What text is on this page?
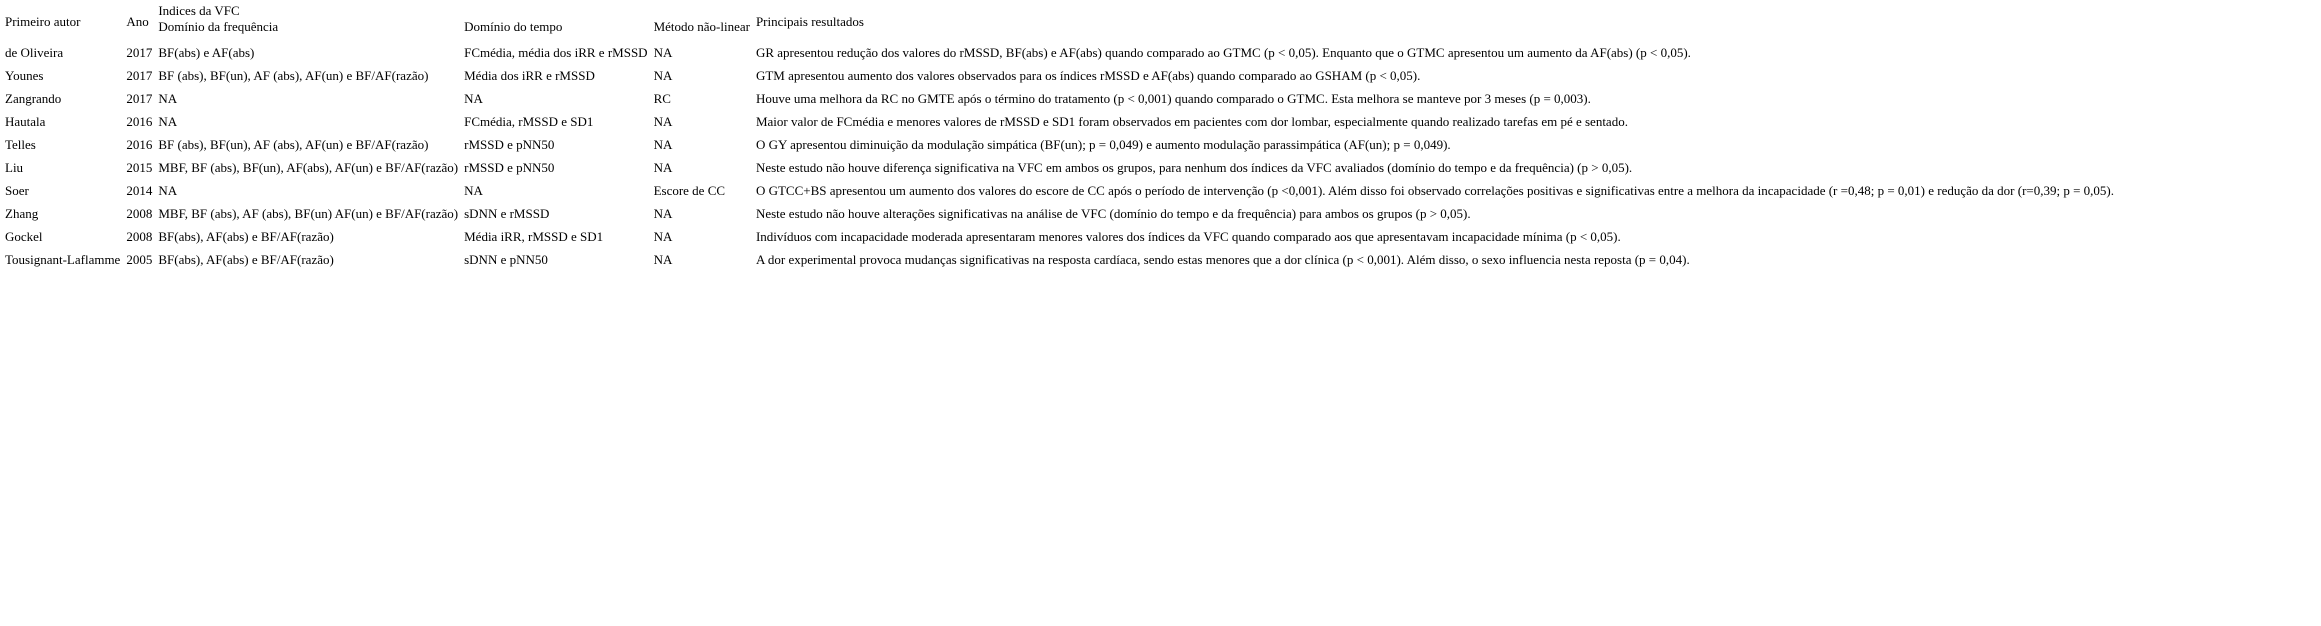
Primeiro autor	Ano	Indices da VFC			Principais resultados
		Domínio da frequência	Domínio do tempo	Método não-linear	
de Oliveira	2017	BF(abs) e AF(abs)	FCmédia, média dos iRR e rMSSD	NA	GR apresentou redução dos valores do rMSSD, BF(abs) e AF(abs) quando comparado ao GTMC (p < 0,05). Enquanto que o GTMC apresentou um aumento da AF(abs) (p < 0,05).
Younes	2017	BF (abs), BF(un), AF (abs), AF(un) e BF/AF(razão)	Média dos iRR e rMSSD	NA	GTM apresentou aumento dos valores observados para os índices rMSSD e AF(abs) quando comparado ao GSHAM (p < 0,05).
Zangrando	2017	NA	NA	RC	Houve uma melhora da RC no GMTE após o término do tratamento (p < 0,001) quando comparado o GTMC. Esta melhora se manteve por 3 meses (p = 0,003).
Hautala	2016	NA	FCmédia, rMSSD e SD1	NA	Maior valor de FCmédia e menores valores de rMSSD e SD1 foram observados em pacientes com dor lombar, especialmente quando realizado tarefas em pé e sentado.
Telles	2016	BF (abs), BF(un), AF (abs), AF(un) e BF/AF(razão)	rMSSD e pNN50	NA	O GY apresentou diminuição da modulação simpática (BF(un); p = 0,049) e aumento modulação parassimpática (AF(un); p = 0,049).
Liu	2015	MBF, BF (abs), BF(un), AF(abs), AF(un) e BF/AF(razão)	rMSSD e pNN50	NA	Neste estudo não houve diferença significativa na VFC em ambos os grupos, para nenhum dos índices da VFC avaliados (domínio do tempo e da frequência) (p > 0,05).
Soer	2014	NA	NA	Escore de CC	O GTCC+BS apresentou um aumento dos valores do escore de CC após o período de intervenção (p <0,001). Além disso foi observado correlações positivas e significativas entre a melhora da incapacidade (r =0,48; p = 0,01) e redução da dor (r=0,39; p = 0,05).
Zhang	2008	MBF, BF (abs), AF (abs), BF(un) AF(un) e BF/AF(razão)	sDNN e rMSSD	NA	Neste estudo não houve alterações significativas na análise de VFC (domínio do tempo e da frequência) para ambos os grupos (p > 0,05).
Gockel	2008	BF(abs), AF(abs) e BF/AF(razão)	Média iRR, rMSSD e SD1	NA	Indivíduos com incapacidade moderada apresentaram menores valores dos índices da VFC quando comparado aos que apresentavam incapacidade mínima (p < 0,05).
Tousignant-Laflamme	2005	BF(abs), AF(abs) e BF/AF(razão)	sDNN e pNN50	NA	A dor experimental provoca mudanças significativas na resposta cardíaca, sendo estas menores que a dor clínica (p < 0,001). Além disso, o sexo influencia nesta reposta (p = 0,04).
